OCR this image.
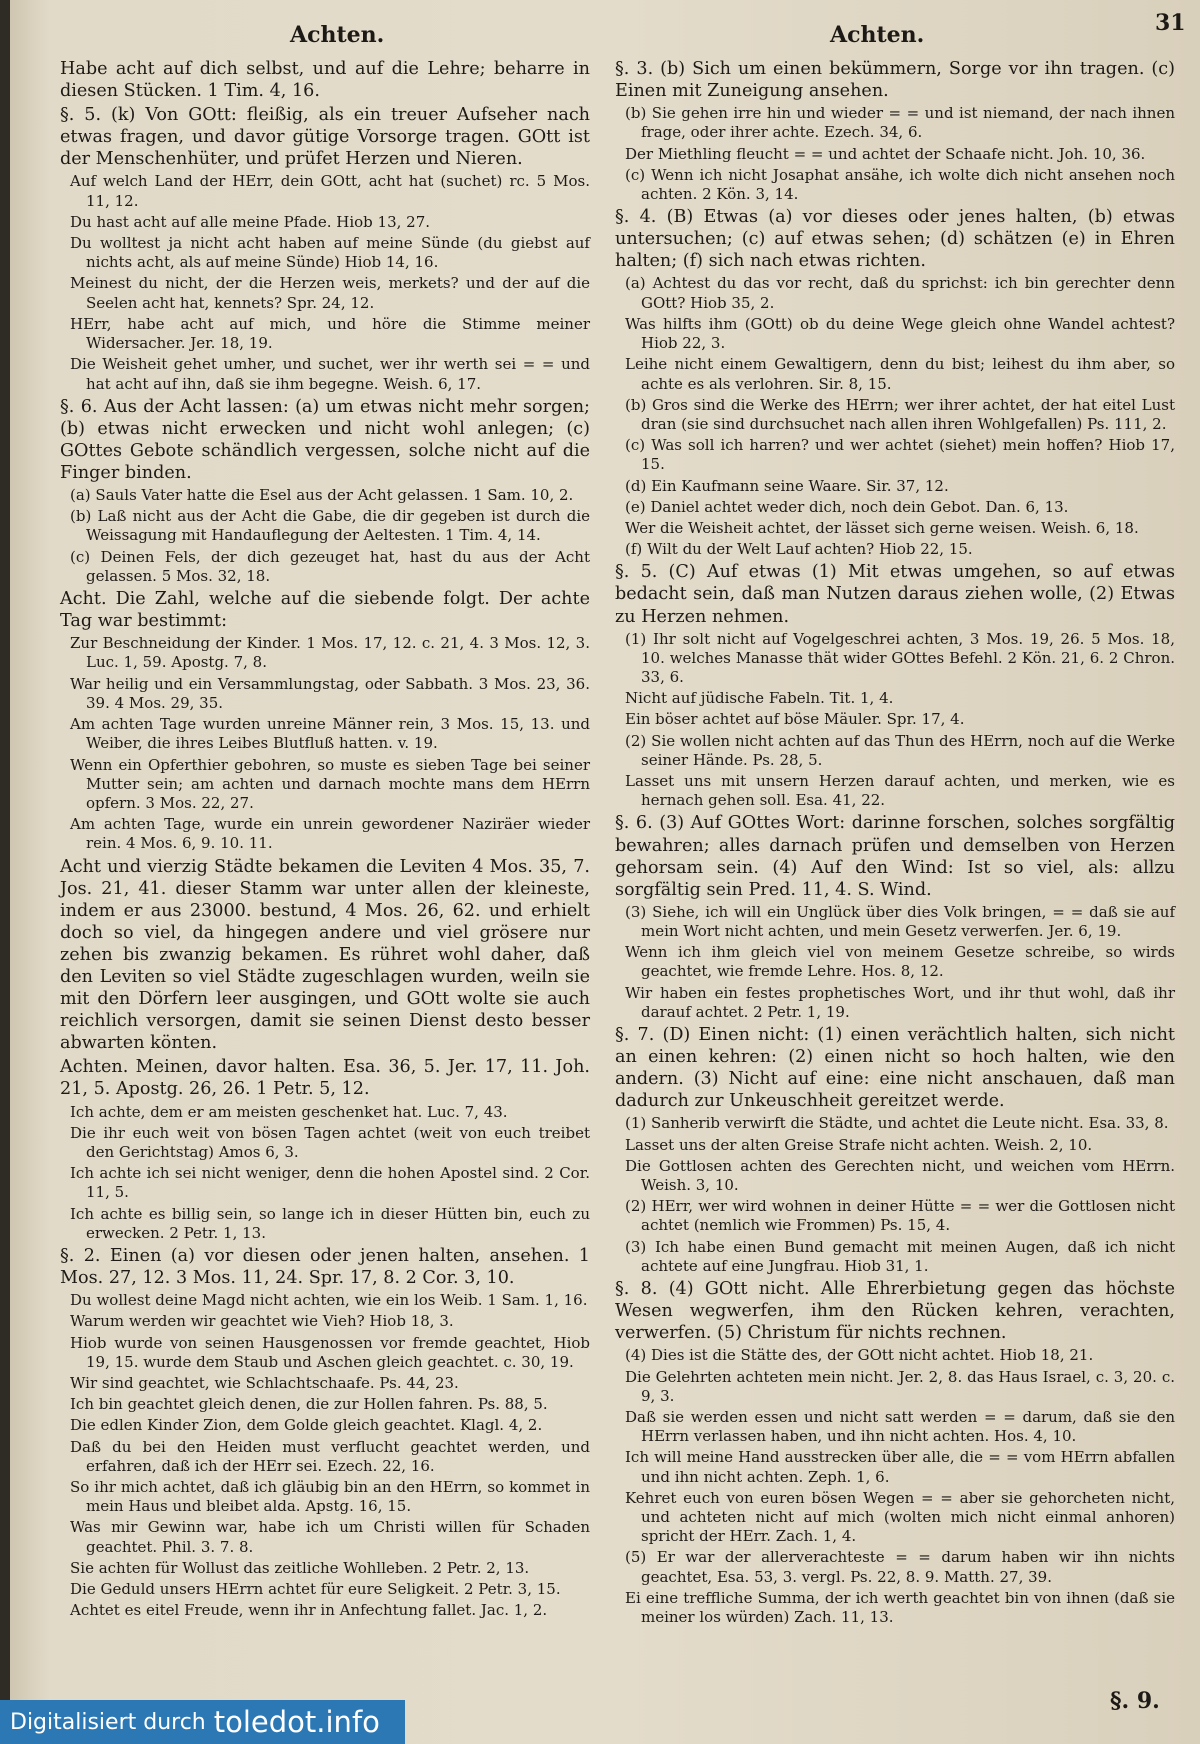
Achten.	Achten.	31
Habe acht auf dich selbst, und auf die Lehre; beharre in diesen Stücken. 1 Tim. 4, 16.
§. 5. (k) Von GOtt: fleißig, als ein treuer Aufseher nach etwas fragen, und davor gütige Vorsorge tragen. GOtt ist der Menschenhüter, und prüfet Herzen und Nieren.
Auf welch Land der HErr, dein GOtt, acht hat (suchet) rc. 5 Mos. 11, 12.
Du hast acht auf alle meine Pfade. Hiob 13, 27.
Du wolltest ja nicht acht haben auf meine Sünde (du giebst auf nichts acht, als auf meine Sünde) Hiob 14, 16.
Meinest du nicht, der die Herzen weis, merkets? und der auf die Seelen acht hat, kennets? Spr. 24, 12.
HErr, habe acht auf mich, und höre die Stimme meiner Widersacher. Jer. 18, 19.
Die Weisheit gehet umher, und suchet, wer ihr werth sei = = und hat acht auf ihn, daß sie ihm begegne. Weish. 6, 17.
§. 6. Aus der Acht lassen: (a) um etwas nicht mehr sorgen; (b) etwas nicht erwecken und nicht wohl anlegen; (c) GOttes Gebote schändlich vergessen, solche nicht auf die Finger binden.
(a) Sauls Vater hatte die Esel aus der Acht gelassen. 1 Sam. 10, 2.
(b) Laß nicht aus der Acht die Gabe, die dir gegeben ist durch die Weissagung mit Handauflegung der Aeltesten. 1 Tim. 4, 14.
(c) Deinen Fels, der dich gezeuget hat, hast du aus der Acht gelassen. 5 Mos. 32, 18.
Acht. Die Zahl, welche auf die siebende folgt. Der achte Tag war bestimmt:
Zur Beschneidung der Kinder. 1 Mos. 17, 12. c. 21, 4. 3 Mos. 12, 3. Luc. 1, 59. Apostg. 7, 8.
War heilig und ein Versammlungstag, oder Sabbath. 3 Mos. 23, 36. 39. 4 Mos. 29, 35.
Am achten Tage wurden unreine Männer rein, 3 Mos. 15, 13. und Weiber, die ihres Leibes Blutfluß hatten. v. 19.
Wenn ein Opferthier gebohren, so muste es sieben Tage bei seiner Mutter sein; am achten und darnach mochte mans dem HErrn opfern. 3 Mos. 22, 27.
Am achten Tage, wurde ein unrein gewordener Naziräer wieder rein. 4 Mos. 6, 9. 10. 11.
Acht und vierzig Städte bekamen die Leviten 4 Mos. 35, 7. Jos. 21, 41. dieser Stamm war unter allen der kleineste, indem er aus 23000. bestund, 4 Mos. 26, 62. und erhielt doch so viel, da hingegen andere und viel grösere nur zehen bis zwanzig bekamen. Es rühret wohl daher, daß den Leviten so viel Städte zugeschlagen wurden, weiln sie mit den Dörfern leer ausgingen, und GOtt wolte sie auch reichlich versorgen, damit sie seinen Dienst desto besser abwarten könten.
Achten. Meinen, davor halten. Esa. 36, 5. Jer. 17, 11. Joh. 21, 5. Apostg. 26, 26. 1 Petr. 5, 12.
Ich achte, dem er am meisten geschenket hat. Luc. 7, 43.
Die ihr euch weit von bösen Tagen achtet (weit von euch treibet den Gerichtstag) Amos 6, 3.
Ich achte ich sei nicht weniger, denn die hohen Apostel sind. 2 Cor. 11, 5.
Ich achte es billig sein, so lange ich in dieser Hütten bin, euch zu erwecken. 2 Petr. 1, 13.
§. 2. Einen (a) vor diesen oder jenen halten, ansehen. 1 Mos. 27, 12. 3 Mos. 11, 24. Spr. 17, 8. 2 Cor. 3, 10.
Du wollest deine Magd nicht achten, wie ein los Weib. 1 Sam. 1, 16.
Warum werden wir geachtet wie Vieh? Hiob 18, 3.
Hiob wurde von seinen Hausgenossen vor fremde geachtet, Hiob 19, 15. wurde dem Staub und Aschen gleich geachtet. c. 30, 19.
Wir sind geachtet, wie Schlachtschaafe. Ps. 44, 23.
Ich bin geachtet gleich denen, die zur Hollen fahren. Ps. 88, 5.
Die edlen Kinder Zion, dem Golde gleich geachtet. Klagl. 4, 2.
Daß du bei den Heiden must verflucht geachtet werden, und erfahren, daß ich der HErr sei. Ezech. 22, 16.
So ihr mich achtet, daß ich gläubig bin an den HErrn, so kommet in mein Haus und bleibet alda. Apstg. 16, 15.
Was mir Gewinn war, habe ich um Christi willen für Schaden geachtet. Phil. 3. 7. 8.
Sie achten für Wollust das zeitliche Wohlleben. 2 Petr. 2, 13.
Die Geduld unsers HErrn achtet für eure Seligkeit. 2 Petr. 3, 15.
Achtet es eitel Freude, wenn ihr in Anfechtung fallet. Jac. 1, 2.
§. 3. (b) Sich um einen bekümmern, Sorge vor ihn tragen. (c) Einen mit Zuneigung ansehen.
(b) Sie gehen irre hin und wieder = = und ist niemand, der nach ihnen frage, oder ihrer achte. Ezech. 34, 6.
Der Miethling fleucht = = und achtet der Schaafe nicht. Joh. 10, 36.
(c) Wenn ich nicht Josaphat ansähe, ich wolte dich nicht ansehen noch achten. 2 Kön. 3, 14.
§. 4. (B) Etwas (a) vor dieses oder jenes halten, (b) etwas untersuchen; (c) auf etwas sehen; (d) schätzen (e) in Ehren halten; (f) sich nach etwas richten.
(a) Achtest du das vor recht, daß du sprichst: ich bin gerechter denn GOtt? Hiob 35, 2.
Was hilfts ihm (GOtt) ob du deine Wege gleich ohne Wandel achtest? Hiob 22, 3.
Leihe nicht einem Gewaltigern, denn du bist; leihest du ihm aber, so achte es als verlohren. Sir. 8, 15.
(b) Gros sind die Werke des HErrn; wer ihrer achtet, der hat eitel Lust dran (sie sind durchsuchet nach allen ihren Wohlgefallen) Ps. 111, 2.
(c) Was soll ich harren? und wer achtet (siehet) mein hoffen? Hiob 17, 15.
(d) Ein Kaufmann seine Waare. Sir. 37, 12.
(e) Daniel achtet weder dich, noch dein Gebot. Dan. 6, 13.
Wer die Weisheit achtet, der lässet sich gerne weisen. Weish. 6, 18.
(f) Wilt du der Welt Lauf achten? Hiob 22, 15.
§. 5. (C) Auf etwas (1) Mit etwas umgehen, so auf etwas bedacht sein, daß man Nutzen daraus ziehen wolle, (2) Etwas zu Herzen nehmen.
(1) Ihr solt nicht auf Vogelgeschrei achten, 3 Mos. 19, 26. 5 Mos. 18, 10. welches Manasse thät wider GOttes Befehl. 2 Kön. 21, 6. 2 Chron. 33, 6.
Nicht auf jüdische Fabeln. Tit. 1, 4.
Ein böser achtet auf böse Mäuler. Spr. 17, 4.
(2) Sie wollen nicht achten auf das Thun des HErrn, noch auf die Werke seiner Hände. Ps. 28, 5.
Lasset uns mit unsern Herzen darauf achten, und merken, wie es hernach gehen soll. Esa. 41, 22.
§. 6. (3) Auf GOttes Wort: darinne forschen, solches sorgfältig bewahren; alles darnach prüfen und demselben von Herzen gehorsam sein. (4) Auf den Wind: Ist so viel, als: allzu sorgfältig sein Pred. 11, 4. S. Wind.
(3) Siehe, ich will ein Unglück über dies Volk bringen, = = daß sie auf mein Wort nicht achten, und mein Gesetz verwerfen. Jer. 6, 19.
Wenn ich ihm gleich viel von meinem Gesetze schreibe, so wirds geachtet, wie fremde Lehre. Hos. 8, 12.
Wir haben ein festes prophetisches Wort, und ihr thut wohl, daß ihr darauf achtet. 2 Petr. 1, 19.
§. 7. (D) Einen nicht: (1) einen verächtlich halten, sich nicht an einen kehren: (2) einen nicht so hoch halten, wie den andern. (3) Nicht auf eine: eine nicht anschauen, daß man dadurch zur Unkeuschheit gereitzet werde.
(1) Sanherib verwirft die Städte, und achtet die Leute nicht. Esa. 33, 8.
Lasset uns der alten Greise Strafe nicht achten. Weish. 2, 10.
Die Gottlosen achten des Gerechten nicht, und weichen vom HErrn. Weish. 3, 10.
(2) HErr, wer wird wohnen in deiner Hütte = = wer die Gottlosen nicht achtet (nemlich wie Frommen) Ps. 15, 4.
(3) Ich habe einen Bund gemacht mit meinen Augen, daß ich nicht achtete auf eine Jungfrau. Hiob 31, 1.
§. 8. (4) GOtt nicht. Alle Ehrerbietung gegen das höchste Wesen wegwerfen, ihm den Rücken kehren, verachten, verwerfen. (5) Christum für nichts rechnen.
(4) Dies ist die Stätte des, der GOtt nicht achtet. Hiob 18, 21.
Die Gelehrten achteten mein nicht. Jer. 2, 8. das Haus Israel, c. 3, 20. c. 9, 3.
Daß sie werden essen und nicht satt werden = = darum, daß sie den HErrn verlassen haben, und ihn nicht achten. Hos. 4, 10.
Ich will meine Hand ausstrecken über alle, die = = vom HErrn abfallen und ihn nicht achten. Zeph. 1, 6.
Kehret euch von euren bösen Wegen = = aber sie gehorcheten nicht, und achteten nicht auf mich (wolten mich nicht einmal anhoren) spricht der HErr. Zach. 1, 4.
(5) Er war der allerverachteste = = darum haben wir ihn nichts geachtet, Esa. 53, 3. vergl. Ps. 22, 8. 9. Matth. 27, 39.
Ei eine treffliche Summa, der ich werth geachtet bin von ihnen (daß sie meiner los würden) Zach. 11, 13.
§. 9.
Digitalisiert durch toledot.info
